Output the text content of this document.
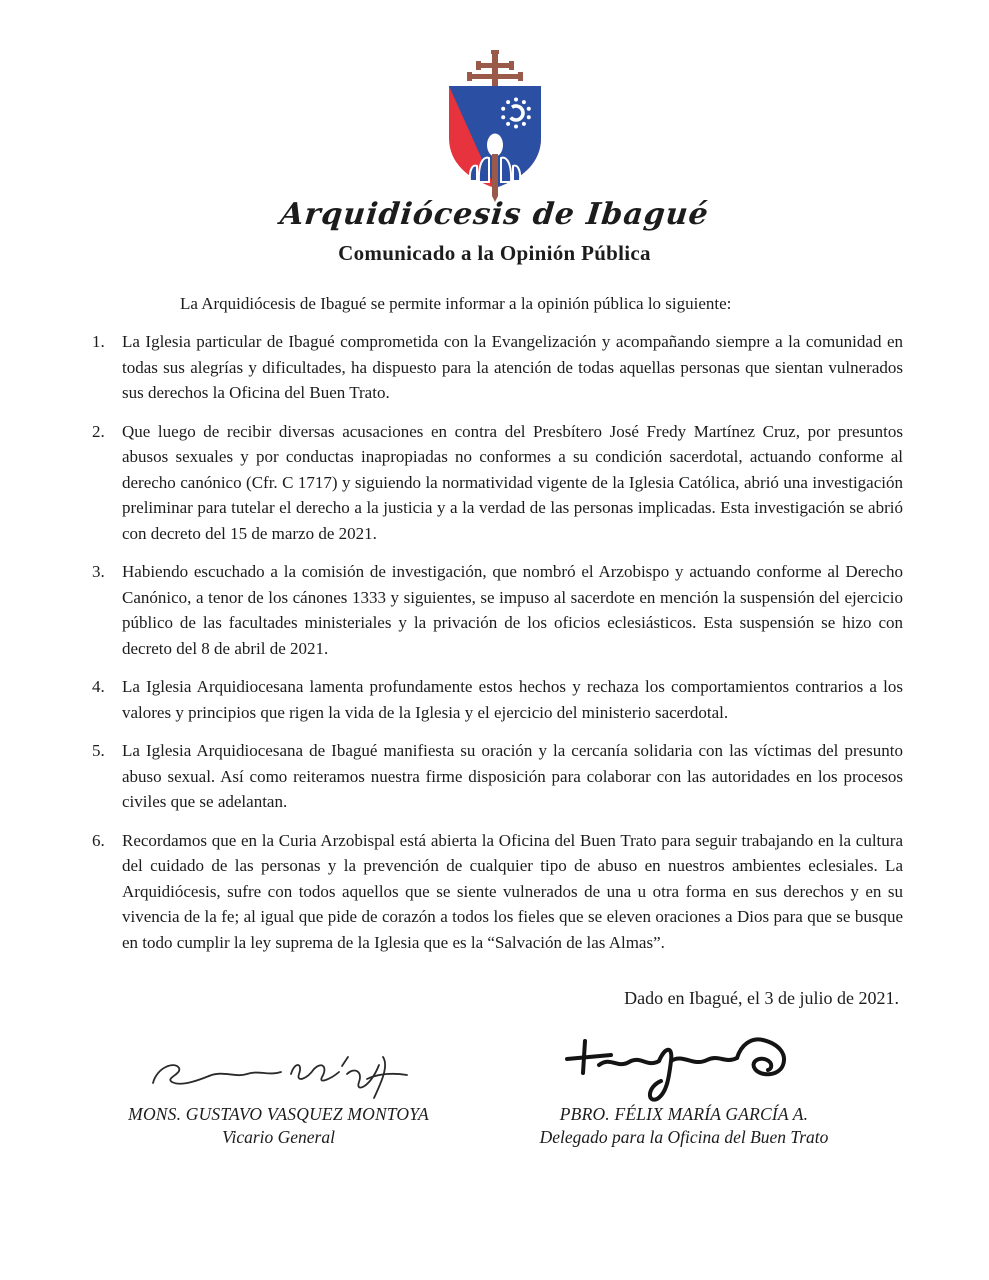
Arquidiócesis de Ibagué
Comunicado a la Opinión Pública
La Arquidiócesis de Ibagué se permite informar a la opinión pública lo siguiente:
1.	La Iglesia particular de Ibagué comprometida con la Evangelización y acompañando siempre a la comunidad en todas sus alegrías y dificultades, ha dispuesto para la atención de todas aquellas personas que sientan vulnerados sus derechos la Oficina del Buen Trato.
2.	Que luego de recibir diversas acusaciones en contra del Presbítero José Fredy Martínez Cruz, por presuntos abusos sexuales y por conductas inapropiadas no conformes a su condición sacerdotal, actuando conforme al derecho canónico (Cfr. C 1717) y siguiendo la normatividad vigente de la Iglesia Católica, abrió una investigación preliminar para tutelar el derecho a la justicia y a la verdad de las personas implicadas. Esta investigación se abrió con decreto del 15 de marzo de 2021.
3.	Habiendo escuchado a la comisión de investigación, que nombró el Arzobispo y actuando conforme al Derecho Canónico, a tenor de los cánones 1333 y siguientes, se impuso al sacerdote en mención la suspensión del ejercicio público de las facultades ministeriales y la privación de los oficios eclesiásticos. Esta suspensión se hizo con decreto del 8 de abril de 2021.
4.	La Iglesia Arquidiocesana lamenta profundamente estos hechos y rechaza los comportamientos contrarios a los valores y principios que rigen la vida de la Iglesia y el ejercicio del ministerio sacerdotal.
5.	La Iglesia Arquidiocesana de Ibagué manifiesta su oración y la cercanía solidaria con las víctimas del presunto abuso sexual. Así como reiteramos nuestra firme disposición para colaborar con las autoridades en los procesos civiles que se adelantan.
6.	Recordamos que en la Curia Arzobispal está abierta la Oficina del Buen Trato para seguir trabajando en la cultura del cuidado de las personas y la prevención de cualquier tipo de abuso en nuestros ambientes eclesiales. La Arquidiócesis, sufre con todos aquellos que se siente vulnerados de una u otra forma en sus derechos y en su vivencia de la fe; al igual que pide de corazón a todos los fieles que se eleven oraciones a Dios para que se busque en todo cumplir la ley suprema de la Iglesia que es la “Salvación de las Almas”.
Dado en Ibagué, el 3 de julio de 2021.
MONS. GUSTAVO VASQUEZ MONTOYA
Vicario General
PBRO. FÉLIX MARÍA GARCÍA A.
Delegado para la Oficina del Buen Trato
